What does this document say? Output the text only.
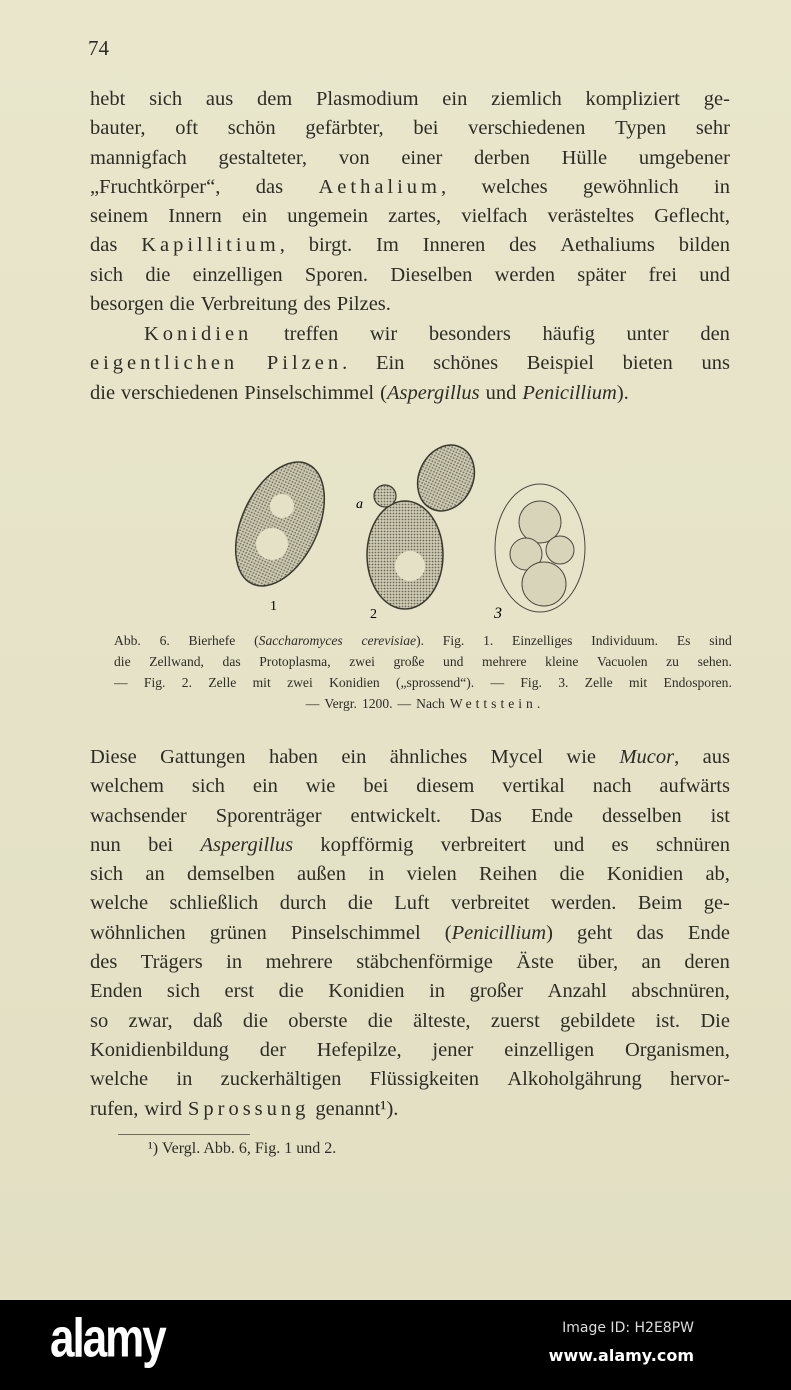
74
hebt sich aus dem Plasmodium ein ziemlich kompliziert ge-
bauter, oft schön gefärbter, bei verschiedenen Typen sehr
mannigfach gestalteter, von einer derben Hülle umgebener
„Fruchtkörper“, das Aethalium, welches gewöhnlich in
seinem Innern ein ungemein zartes, vielfach verästeltes Geflecht,
das Kapillitium, birgt. Im Inneren des Aethaliums bilden
sich die einzelligen Sporen. Dieselben werden später frei und
besorgen die Verbreitung des Pilzes.
Konidien treffen wir besonders häufig unter den
eigentlichen Pilzen. Ein schönes Beispiel bieten uns
die verschiedenen Pinselschimmel (Aspergillus und Penicillium).
1
2	3
a
Abb. 6. Bierhefe (Saccharomyces cerevisiae). Fig. 1. Einzelliges Individuum. Es sind
die Zellwand, das Protoplasma, zwei große und mehrere kleine Vacuolen zu sehen.
— Fig. 2. Zelle mit zwei Konidien („sprossend“). — Fig. 3. Zelle mit Endosporen.
— Vergr. 1200. — Nach Wettstein.
Diese Gattungen haben ein ähnliches Mycel wie Mucor, aus
welchem sich ein wie bei diesem vertikal nach aufwärts
wachsender Sporenträger entwickelt. Das Ende desselben ist
nun bei Aspergillus kopfförmig verbreitert und es schnüren
sich an demselben außen in vielen Reihen die Konidien ab,
welche schließlich durch die Luft verbreitet werden. Beim ge-
wöhnlichen grünen Pinselschimmel (Penicillium) geht das Ende
des Trägers in mehrere stäbchenförmige Äste über, an deren
Enden sich erst die Konidien in großer Anzahl abschnüren,
so zwar, daß die oberste die älteste, zuerst gebildete ist. Die
Konidienbildung der Hefepilze, jener einzelligen Organismen,
welche in zuckerhältigen Flüssigkeiten Alkoholgährung hervor-
rufen, wird Sprossung genannt¹).
¹) Vergl. Abb. 6, Fig. 1 und 2.
alamy	Image ID: H2E8PW
www.alamy.com
